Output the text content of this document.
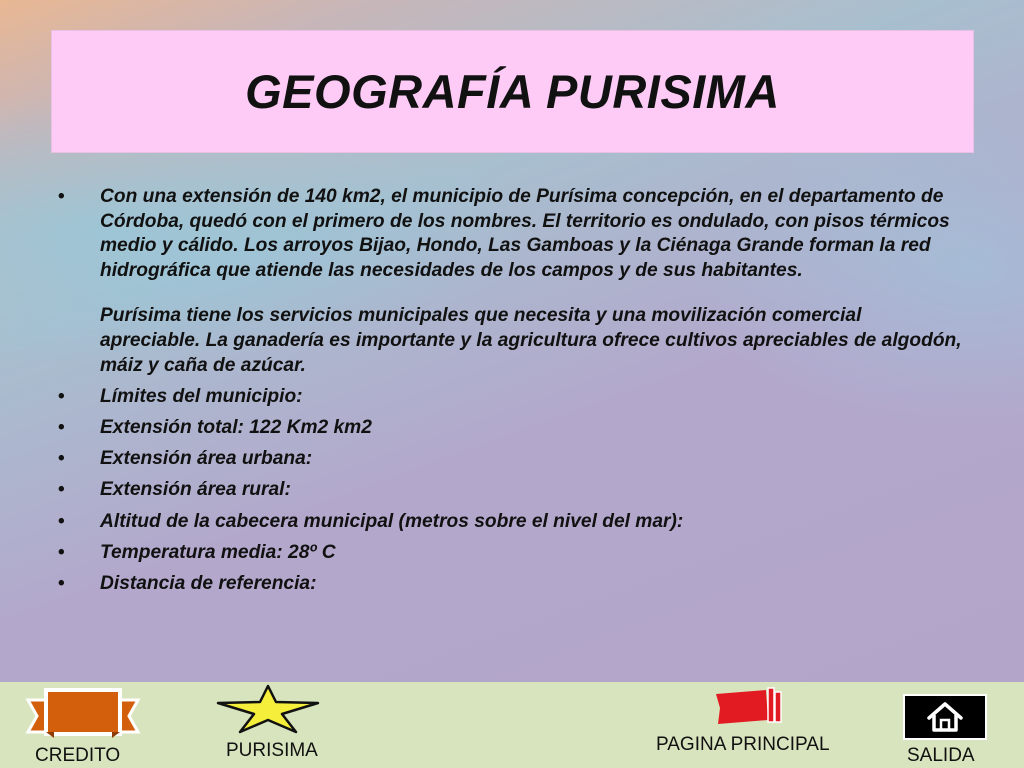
GEOGRAFÍA PURISIMA
• Con una extensión de 140 km2, el municipio de Purísima concepción, en el departamento de Córdoba, quedó con el primero de los nombres. El territorio es ondulado, con pisos térmicos medio y cálido. Los arroyos Bijao, Hondo, Las Gamboas y la Ciénaga Grande forman la red hidrográfica que atiende las necesidades de los campos y de sus habitantes.
Purísima tiene los servicios municipales que necesita y una movilización comercial apreciable. La ganadería es importante y la agricultura ofrece cultivos apreciables de algodón, máiz y caña de azúcar.
• Límites del municipio:
• Extensión total: 122 Km2 km2
• Extensión área urbana:
• Extensión área rural:
• Altitud de la cabecera municipal (metros sobre el nivel del mar):
• Temperatura media: 28º C
• Distancia de referencia:
CREDITO	PURISIMA	PAGINA PRINCIPAL
SALIDA
